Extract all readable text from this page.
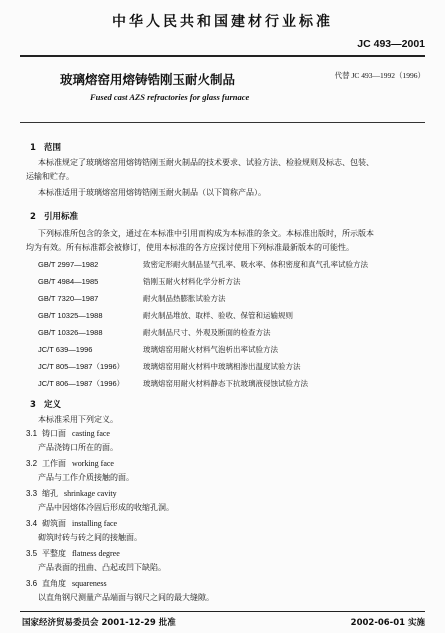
中华人民共和国建材行业标准
JC 493—2001
玻璃熔窑用熔铸锆刚玉耐火制品	代替 JC 493—1992（1996）
Fused cast AZS refractories for glass furnace
1 范围
本标准规定了玻璃熔窑用熔铸锆刚玉耐火制品的技术要求、试验方法、检验规则及标志、包装、
运输和贮存。
本标准适用于玻璃熔窑用熔铸锆刚玉耐火制品（以下简称产品）。
2 引用标准
下列标准所包含的条文，通过在本标准中引用而构成为本标准的条文。本标准出版时，所示版本
均为有效。所有标准都会被修订，使用本标准的各方应探讨使用下列标准最新版本的可能性。
GB/T 2997—1982	致密定形耐火制品显气孔率、吸水率、体积密度和真气孔率试验方法
GB/T 4984—1985	锆刚玉耐火材料化学分析方法
GB/T 7320—1987	耐火制品热膨胀试验方法
GB/T 10325—1988	耐火制品堆放、取样、验收、保管和运输规则
GB/T 10326—1988	耐火制品尺寸、外观及断面的检查方法
JC/T 639—1996	玻璃熔窑用耐火材料气泡析出率试验方法
JC/T 805—1987（1996）	玻璃熔窑用耐火材料中玻璃相渗出温度试验方法
JC/T 806—1987（1996）	玻璃熔窑用耐火材料静态下抗玻璃液侵蚀试验方法
3 定义
本标准采用下列定义。
3.1 铸口面 casting face
产品浇铸口所在的面。
3.2 工作面 working face
产品与工作介质接触的面。
3.3 缩孔 shrinkage cavity
产品中因熔体冷固后形成的收缩孔洞。
3.4 砌筑面 installing face
砌筑时砖与砖之间的接触面。
3.5 平整度 flatness degree
产品表面的扭曲、凸起或凹下缺陷。
3.6 直角度 squareness
以直角钢尺测量产品端面与钢尺之间的最大缝隙。
国家经济贸易委员会 2001-12-29 批准	2002-06-01 实施
